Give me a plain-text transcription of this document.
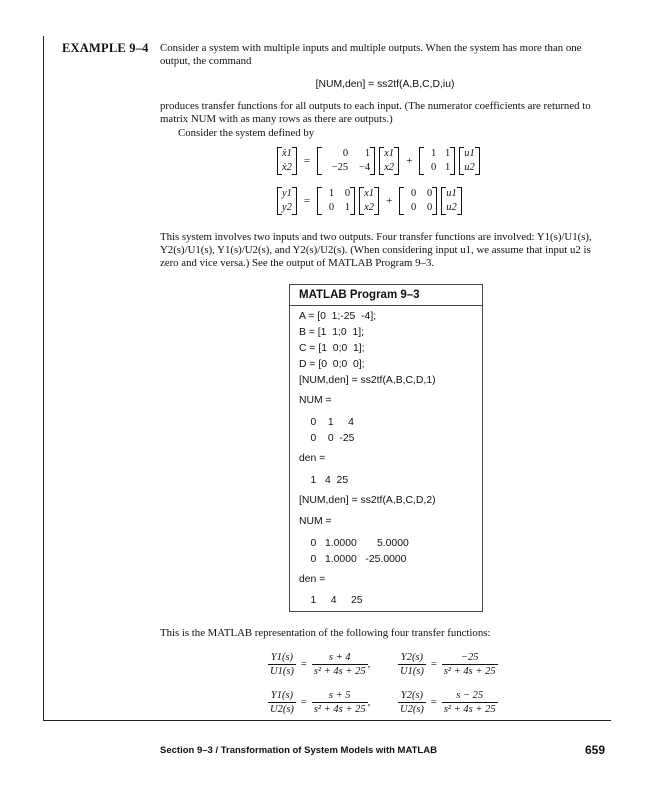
EXAMPLE 9–4 Consider a system with multiple inputs and multiple outputs. When the system has more than one output, the command
[NUM,den] = ss2tf(A,B,C,D,iu)
produces transfer functions for all outputs to each input. (The numerator coefficients are returned to matrix NUM with as many rows as there are outputs.)
Consider the system defined by
ẋ1
ẋ2
=
0	1
−25	−4
x1
x2
+
1 1
0 1
u1
u2
y1
y2
=
1	0
0	1
x1
x2
+
0	0
0	0
u1
u2
This system involves two inputs and two outputs. Four transfer functions are involved: Y1(s)/U1(s), Y2(s)/U1(s), Y1(s)/U2(s), and Y2(s)/U2(s). (When considering input u1, we assume that input u2 is zero and vice versa.) See the output of MATLAB Program 9–3.
MATLAB Program 9–3
A = [0  1;-25  -4];
B = [1  1;0  1];
C = [1  0;0  1];
D = [0  0;0  0];
[NUM,den] = ss2tf(A,B,C,D,1)
NUM =
0    1     4
0    0  -25
den =
1   4  25
[NUM,den] = ss2tf(A,B,C,D,2)
NUM =
0   1.0000       5.0000
0   1.0000   -25.0000
den =
1     4     25
This is the MATLAB representation of the following four transfer functions:
$\frac{Y1(s)}{U1(s)} = \frac{s + 4}{\text{s² + 4s + 25}}$ ,	$\frac{Y2(s)}{U1(s)} = \frac{-25}{\text{s² + 4s + 25}}$
$\frac{Y1(s)}{U2(s)} = \frac{s + 5}{\text{s² + 4s + 25}}$ ,	$\frac{Y2(s)}{U2(s)} = \frac{s - 25}{\text{s² + 4s + 25}}$
Section 9–3 / Transformation of System Models with MATLAB	659
